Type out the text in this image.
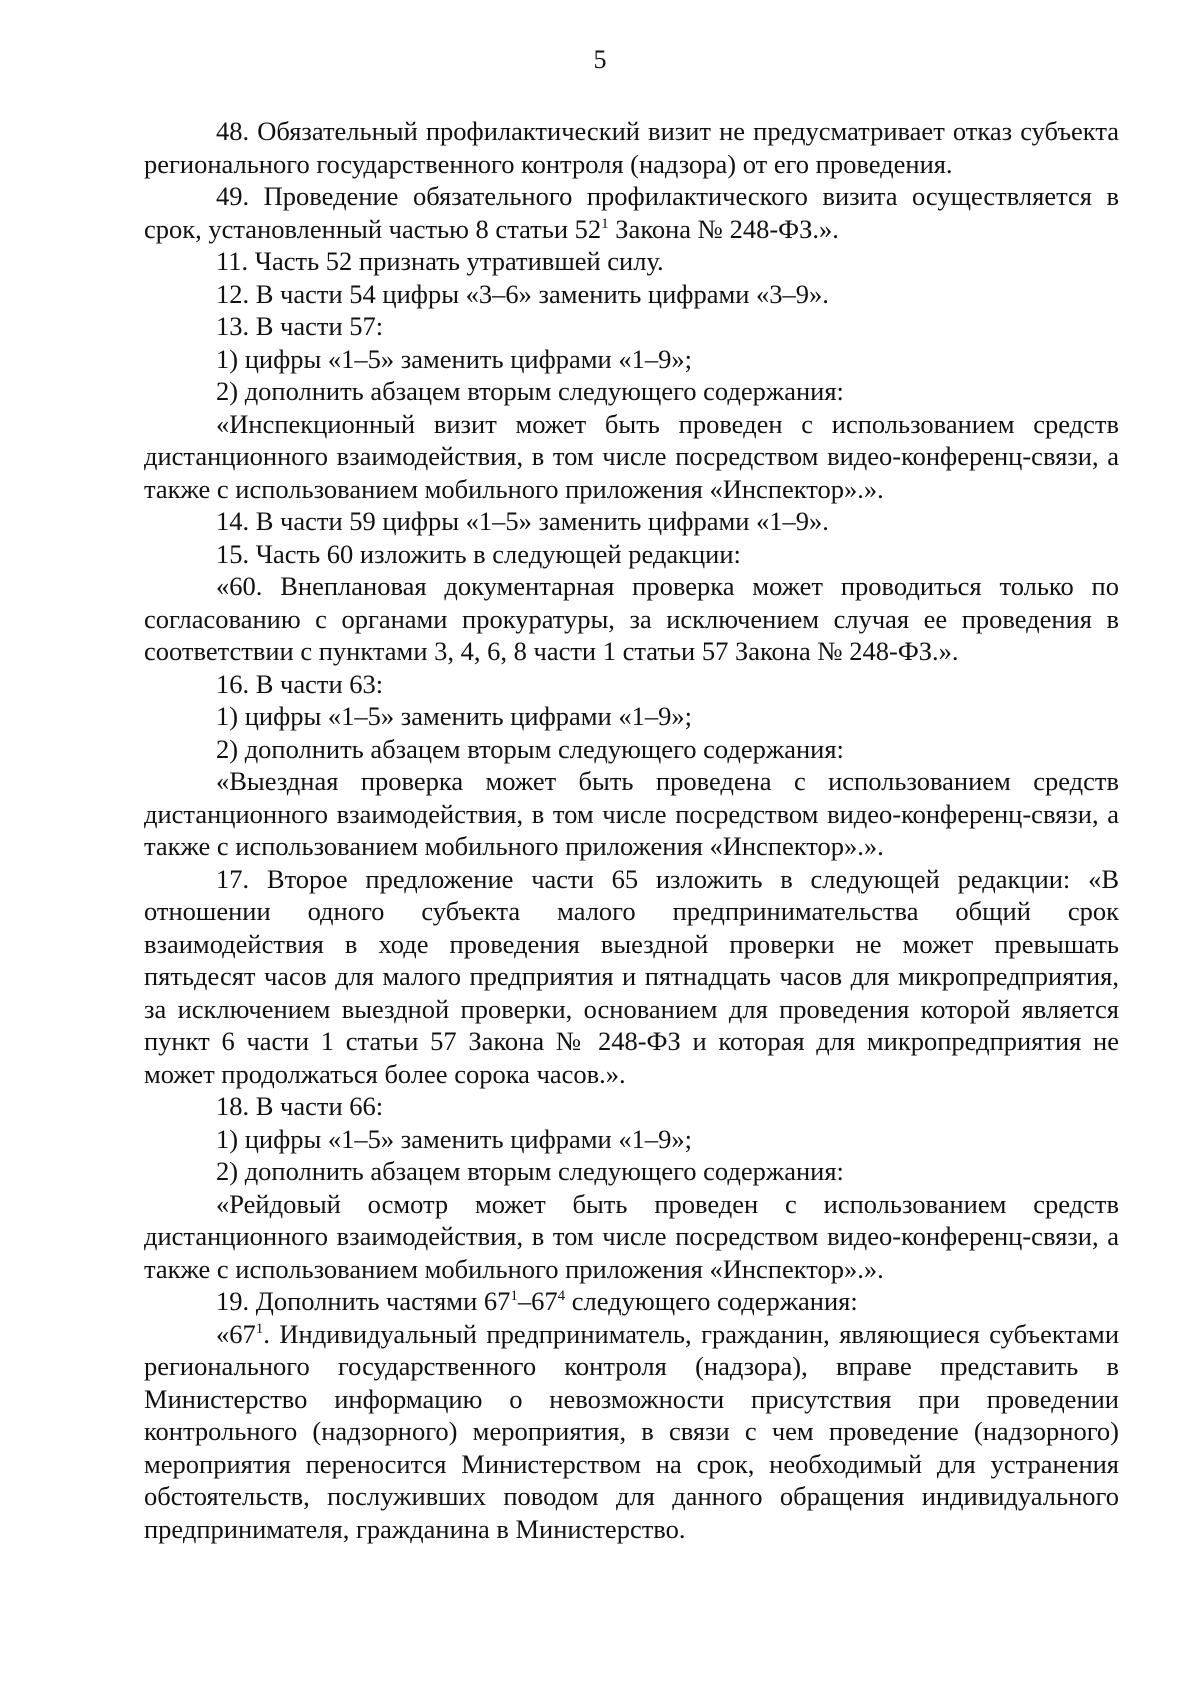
5

48. Обязательный профилактический визит не предусматривает отказ субъекта регионального государственного контроля (надзора) от его проведения.

49. Проведение обязательного профилактического визита осуществляется в срок, установленный частью 8 статьи $52^1$ Закона № 248-ФЗ.».

11. Часть 52 признать утратившей силу.

12. В части 54 цифры «3–6» заменить цифрами «3–9».

13. В части 57:

1) цифры «1–5» заменить цифрами «1–9»;

2) дополнить абзацем вторым следующего содержания:

«Инспекционный визит может быть проведен с использованием средств дистанционного взаимодействия, в том числе посредством видео-конференц-связи, а также с использованием мобильного приложения «Инспектор».».

14. В части 59 цифры «1–5» заменить цифрами «1–9».

15. Часть 60 изложить в следующей редакции:

«60. Внеплановая документарная проверка может проводиться только по согласованию с органами прокуратуры, за исключением случая ее проведения в соответствии с пунктами 3, 4, 6, 8 части 1 статьи 57 Закона № 248-ФЗ.».

16. В части 63:

1) цифры «1–5» заменить цифрами «1–9»;

2) дополнить абзацем вторым следующего содержания:

«Выездная проверка может быть проведена с использованием средств дистанционного взаимодействия, в том числе посредством видео-конференц-связи, а также с использованием мобильного приложения «Инспектор».».

17. Второе предложение части 65 изложить в следующей редакции: «В отношении одного субъекта малого предпринимательства общий срок взаимодействия в ходе проведения выездной проверки не может превышать пятьдесят часов для малого предприятия и пятнадцать часов для микропредприятия, за исключением выездной проверки, основанием для проведения которой является пункт 6 части 1 статьи 57 Закона № 248-ФЗ и которая для микропредприятия не может продолжаться более сорока часов.».

18. В части 66:

1) цифры «1–5» заменить цифрами «1–9»;

2) дополнить абзацем вторым следующего содержания:

«Рейдовый осмотр может быть проведен с использованием средств дистанционного взаимодействия, в том числе посредством видео-конференц-связи, а также с использованием мобильного приложения «Инспектор».».

19. Дополнить частями $67^1-67^4$ следующего содержания:

«$67^1$. Индивидуальный предприниматель, гражданин, являющиеся субъектами регионального государственного контроля (надзора), вправе представить в Министерство информацию о невозможности присутствия при проведении контрольного (надзорного) мероприятия, в связи с чем проведение (надзорного) мероприятия переносится Министерством на срок, необходимый для устранения обстоятельств, послуживших поводом для данного обращения индивидуального предпринимателя, гражданина в Министерство.
